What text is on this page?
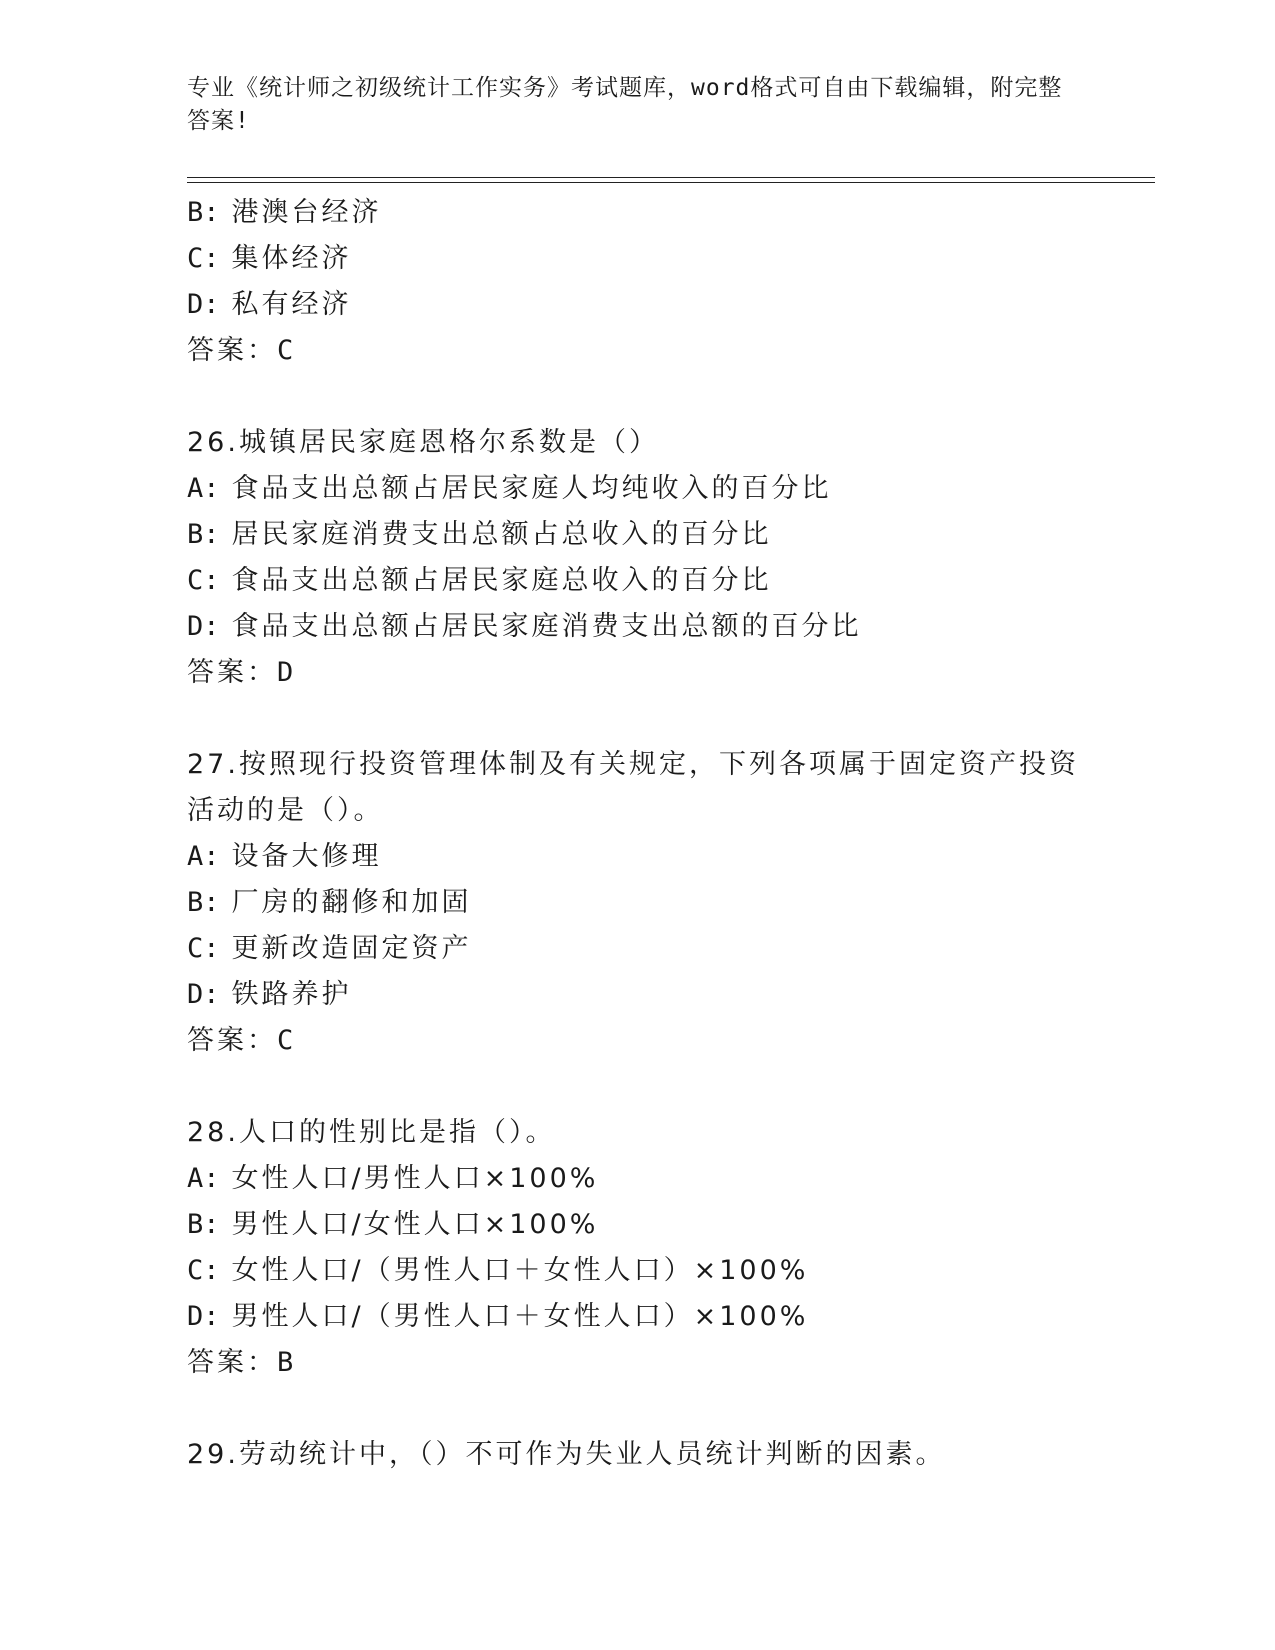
专业《统计师之初级统计工作实务》考试题库，word格式可自由下载编辑，附完整答案!
B: 港澳台经济
C: 集体经济
D: 私有经济
答案：C
26.城镇居民家庭恩格尔系数是（）
A: 食品支出总额占居民家庭人均纯收入的百分比
B: 居民家庭消费支出总额占总收入的百分比
C: 食品支出总额占居民家庭总收入的百分比
D: 食品支出总额占居民家庭消费支出总额的百分比
答案：D
27.按照现行投资管理体制及有关规定，下列各项属于固定资产投资活动的是（）。
A: 设备大修理
B: 厂房的翻修和加固
C: 更新改造固定资产
D: 铁路养护
答案：C
28.人口的性别比是指（）。
A: 女性人口/男性人口×100%
B: 男性人口/女性人口×100%
C: 女性人口/（男性人口＋女性人口）×100%
D: 男性人口/（男性人口＋女性人口）×100%
答案：B
29.劳动统计中，（）不可作为失业人员统计判断的因素。
